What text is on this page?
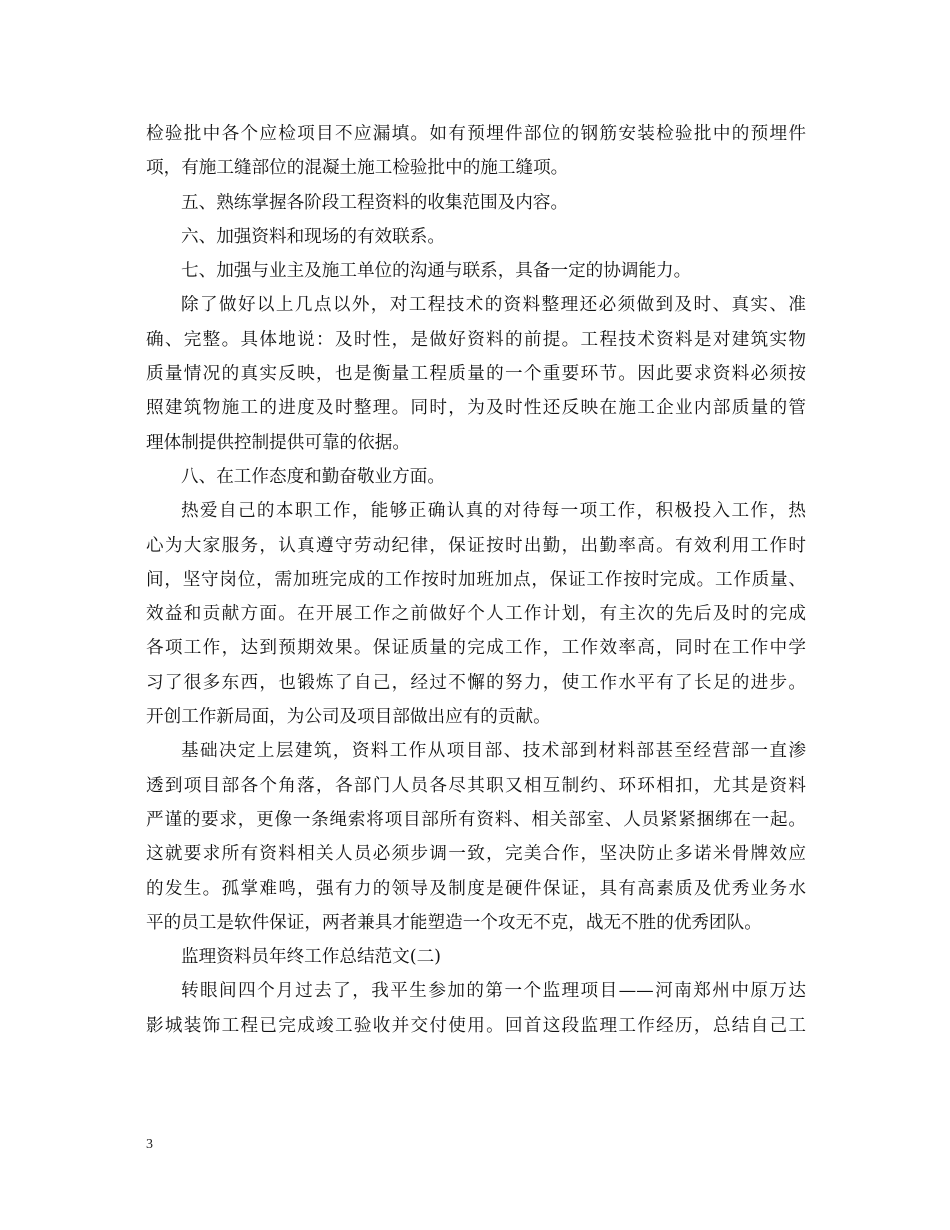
检验批中各个应检项目不应漏填。如有预埋件部位的钢筋安装检验批中的预埋件
项，有施工缝部位的混凝土施工检验批中的施工缝项。
五、熟练掌握各阶段工程资料的收集范围及内容。
六、加强资料和现场的有效联系。
七、加强与业主及施工单位的沟通与联系，具备一定的协调能力。
除了做好以上几点以外，对工程技术的资料整理还必须做到及时、真实、准
确、完整。具体地说：及时性，是做好资料的前提。工程技术资料是对建筑实物
质量情况的真实反映，也是衡量工程质量的一个重要环节。因此要求资料必须按
照建筑物施工的进度及时整理。同时，为及时性还反映在施工企业内部质量的管
理体制提供控制提供可靠的依据。
八、在工作态度和勤奋敬业方面。
热爱自己的本职工作，能够正确认真的对待每一项工作，积极投入工作，热
心为大家服务，认真遵守劳动纪律，保证按时出勤，出勤率高。有效利用工作时
间，坚守岗位，需加班完成的工作按时加班加点，保证工作按时完成。工作质量、
效益和贡献方面。在开展工作之前做好个人工作计划，有主次的先后及时的完成
各项工作，达到预期效果。保证质量的完成工作，工作效率高，同时在工作中学
习了很多东西，也锻炼了自己，经过不懈的努力，使工作水平有了长足的进步。
开创工作新局面，为公司及项目部做出应有的贡献。
基础决定上层建筑，资料工作从项目部、技术部到材料部甚至经营部一直渗
透到项目部各个角落，各部门人员各尽其职又相互制约、环环相扣，尤其是资料
严谨的要求，更像一条绳索将项目部所有资料、相关部室、人员紧紧捆绑在一起。
这就要求所有资料相关人员必须步调一致，完美合作，坚决防止多诺米骨牌效应
的发生。孤掌难鸣，强有力的领导及制度是硬件保证，具有高素质及优秀业务水
平的员工是软件保证，两者兼具才能塑造一个攻无不克，战无不胜的优秀团队。
监理资料员年终工作总结范文(二)
转眼间四个月过去了，我平生参加的第一个监理项目——河南郑州中原万达
影城装饰工程已完成竣工验收并交付使用。回首这段监理工作经历，总结自己工
3
